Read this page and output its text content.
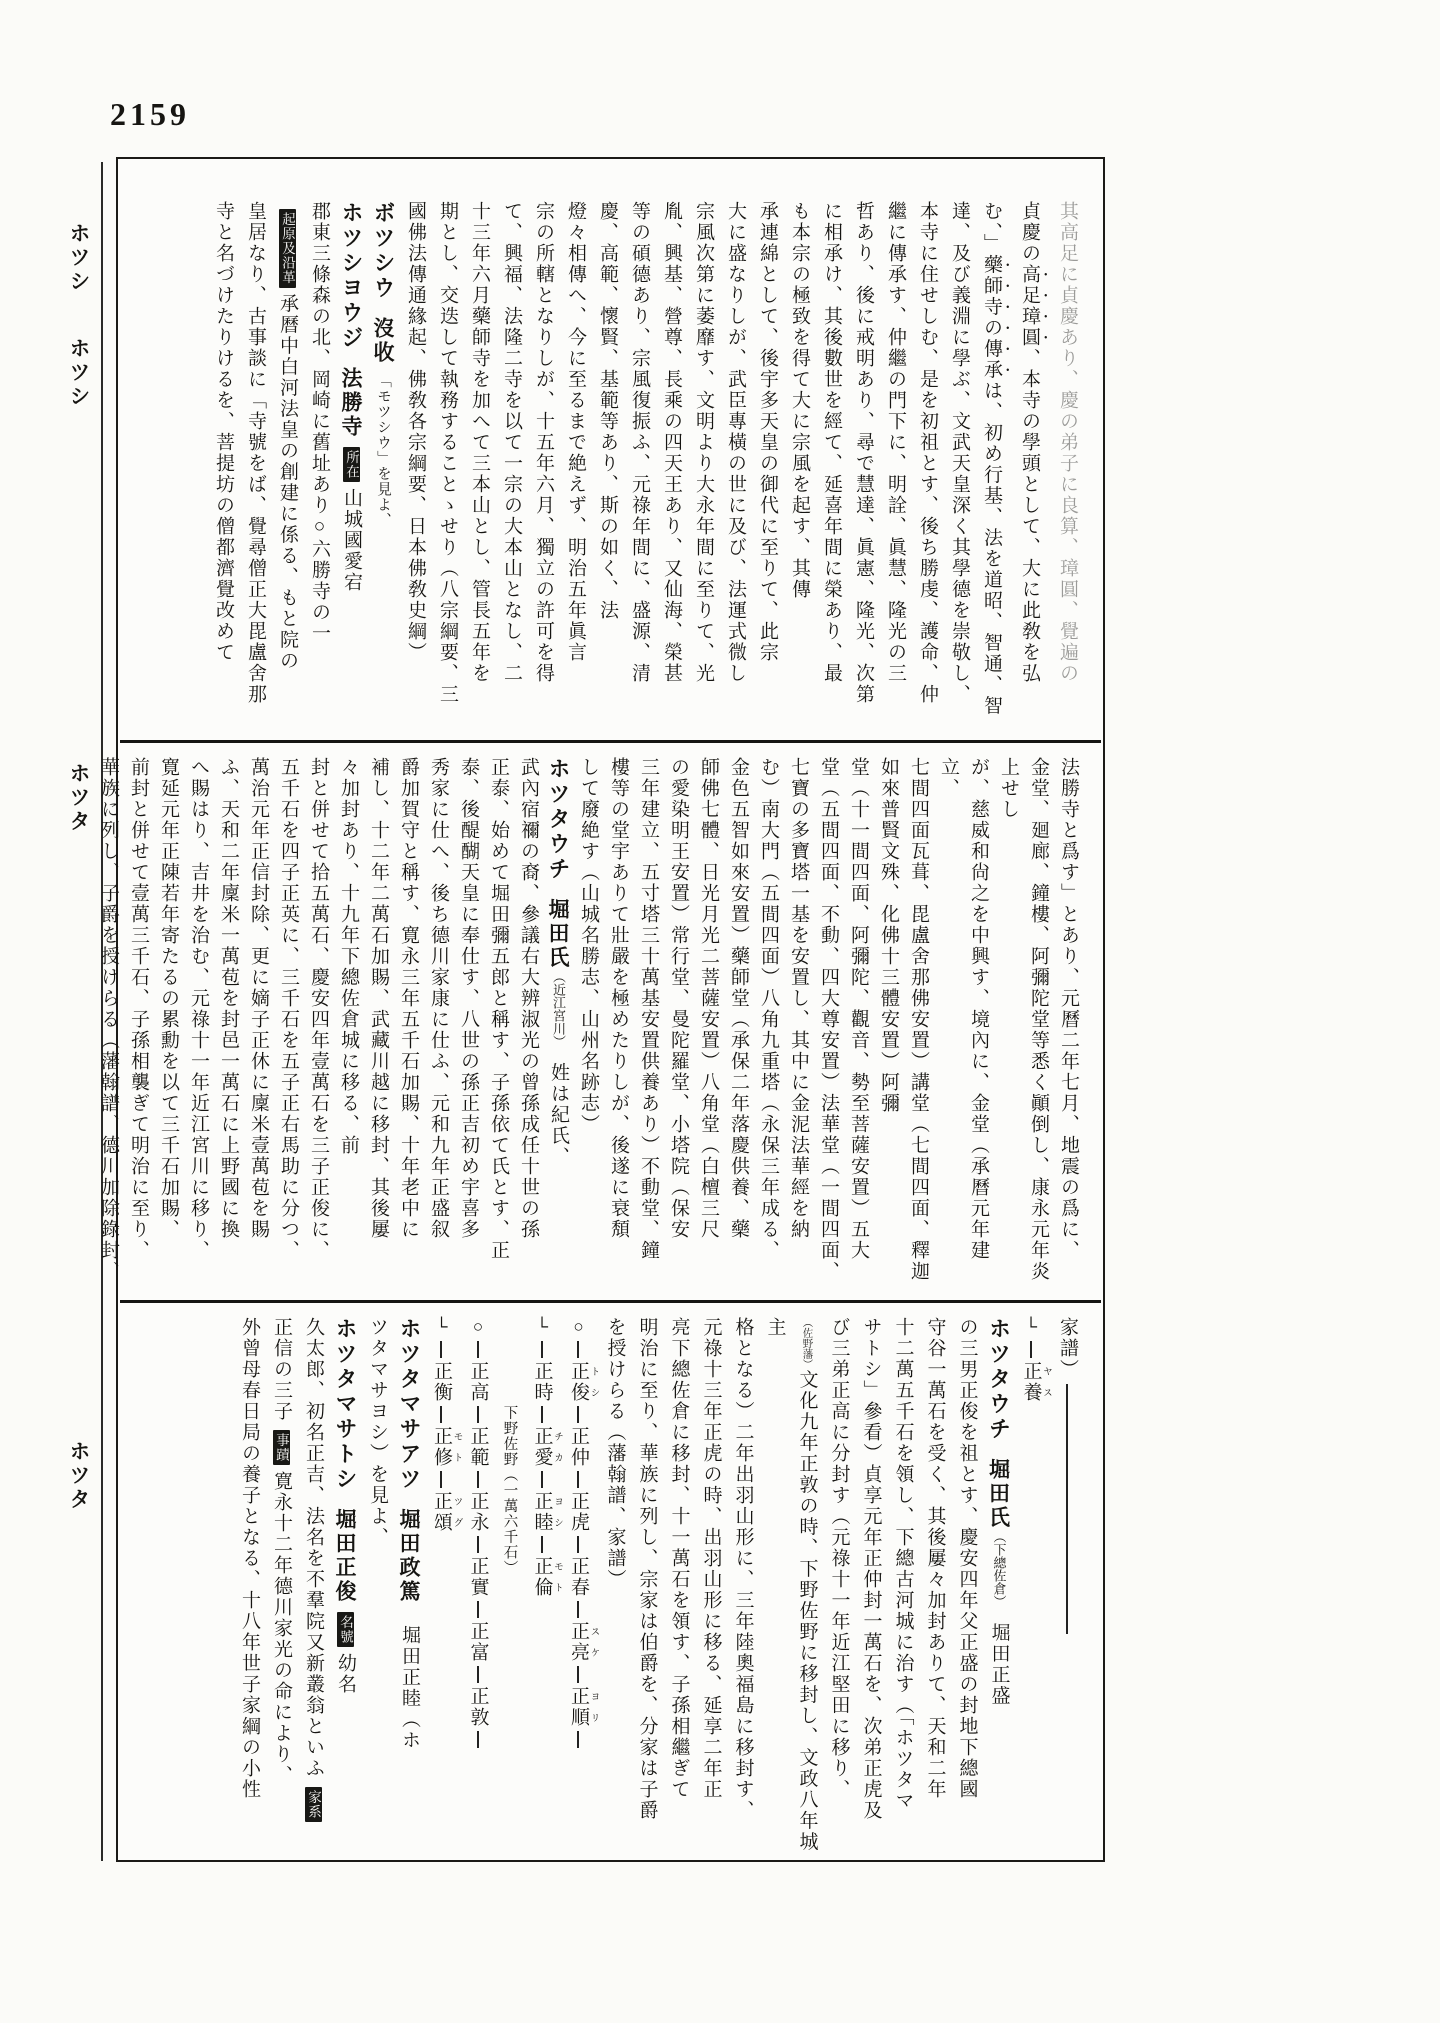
2159
ホツシ ホツシ
ホツタ
ホツタ
其高足に貞慶あり、慶の弟子に良算、璋圓、覺遍の
貞慶の高足璋圓、本寺の學頭として、大に此敎を弘
む、」藥師寺の傳承は、初め行基、法を道昭、智通、智
達、及び義淵に學ぶ、文武天皇深く其學德を崇敬し、
本寺に住せしむ、是を初祖とす、後ち勝虔、護命、仲
繼に傳承す、仲繼の門下に、明詮、眞慧、隆光の三
哲あり、後に戒明あり、尋で慧達、眞憲、隆光、次第
に相承け、其後數世を經て、延喜年間に榮あり、最
も本宗の極致を得て大に宗風を起す、其傳
承連綿として、後宇多天皇の御代に至りて、此宗
大に盛なりしが、武臣專橫の世に及び、法運式微し
宗風次第に萎靡す、文明より大永年間に至りて、光
胤、興基、營尊、長乘の四天王あり、又仙海、榮甚
等の碩德あり、宗風復振ふ、元祿年間に、盛源、清
慶、高範、懷賢、基範等あり、斯の如く、法
燈々相傳へ、今に至るまで絶えず、明治五年眞言
宗の所轄となりしが、十五年六月、獨立の許可を得
て、興福、法隆二寺を以て一宗の大本山となし、二
十三年六月藥師寺を加へて三本山とし、管長五年を
期とし、交迭して執務することゝせり（八宗綱要、三
國佛法傳通緣起、佛敎各宗綱要、日本佛敎史綱）
ボツシウ沒收　「モツシウ」を見よ、
ホツシヨウジ法勝寺所在山城國愛宕
郡東三條森の北、岡崎に舊址あり○六勝寺の一
起原及沿革承曆中白河法皇の創建に係る、もと院の
皇居なり、古事談に「寺號をば、覺尋僧正大毘盧舍那
寺と名づけたりけるを、菩提坊の僧都濟覺改めて
法勝寺と爲す」とあり、元曆二年七月、地震の爲に、
金堂、廻廊、鐘樓、阿彌陀堂等悉く顚倒し、康永元年炎上せし
が、慈威和尙之を中興す、境內に、金堂（承曆元年建立、
七間四面瓦葺、毘盧舍那佛安置）講堂（七間四面、釋迦
如來普賢文殊、化佛十三體安置）阿彌
堂（十一間四面、阿彌陀、觀音、勢至菩薩安置）五大
堂（五間四面、不動、四大尊安置）法華堂（一間四面、
七寶の多寶塔一基を安置し、其中に金泥法華經を納
む）南大門（五間四面）八角九重塔（永保三年成る、
金色五智如來安置）藥師堂（承保二年落慶供養、藥
師佛七體、日光月光二菩薩安置）八角堂（白檀三尺
の愛染明王安置）常行堂、曼陀羅堂、小塔院（保安
三年建立、五寸塔三十萬基安置供養あり）不動堂、鐘
樓等の堂宇ありて壯嚴を極めたりしが、後遂に衰頽
して廢絶す（山城名勝志、山州名跡志）
ホツタウチ堀田氏（近江宮川）　姓は紀氏、
武內宿禰の裔、參議右大辨淑光の曾孫成任十世の孫
正泰、始めて堀田彌五郎と稱す、子孫依て氏とす、正
泰、後醍醐天皇に奉仕す、八世の孫正吉初め宇喜多
秀家に仕へ、後ち德川家康に仕ふ、元和九年正盛叙
爵加賀守と稱す、寛永三年五千石加賜、十年老中に
補し、十二年二萬石加賜、武藏川越に移封、其後屢
々加封あり、十九年下總佐倉城に移る、前
封と併せて拾五萬石、慶安四年壹萬石を三子正俊に、
五千石を四子正英に、三千石を五子正右馬助に分つ、
萬治元年正信封除、更に嫡子正休に廩米壹萬苞を賜
ふ、天和二年廩米一萬苞を封邑一萬石に上野國に換
へ賜はり、吉井を治む、元祿十一年近江宮川に移り、
寛延元年正陳若年寄たるの累勳を以て三千石加賜、
前封と併せて壹萬三千石、子孫相襲ぎて明治に至り、
華族に列し、子爵を授けらる（藩翰譜、德川加除錄封、
家譜）
└正養 ヤス
ホツタウチ堀田氏（下總佐倉）　堀田正盛
の三男正俊を祖とす、慶安四年父正盛の封地下總國
守谷一萬石を受く、其後屢々加封ありて、天和二年
十二萬五千石を領し、下總古河城に治す（「ホツタマ
サトシ」參看）貞享元年正仲封一萬石を、次弟正虎及
び三弟正高に分封す（元祿十一年近江堅田に移り、
（佐野藩）文化九年正敦の時、下野佐野に移封し、文政八年城主
格となる）二年出羽山形に、三年陸奧福島に移封す、
元祿十三年正虎の時、出羽山形に移る、延享二年正
亮下總佐倉に移封、十一萬石を領す、子孫相繼ぎて
明治に至り、華族に列し、宗家は伯爵を、分家は子爵
を授けらる（藩翰譜、家譜）
○正俊 トシ正仲正虎正春正亮 スケ正順 ヨリ
└正時正愛 チカ正睦 ヨシ正倫 モト
下野佐野（一萬六千石）
○正高正範正永正實正富正敦
└正衡正修 モト正頌 ツグ
ホツタマサアツ堀田政篤　堀田正睦（ホ
ツタマサヨシ）を見よ、
ホツタマサトシ堀田正俊名號幼名
久太郎、初名正吉、法名を不羣院又新叢翁といふ家系
正信の三子事蹟寛永十二年德川家光の命により、
外曾母春日局の養子となる、十八年世子家綱の小性
